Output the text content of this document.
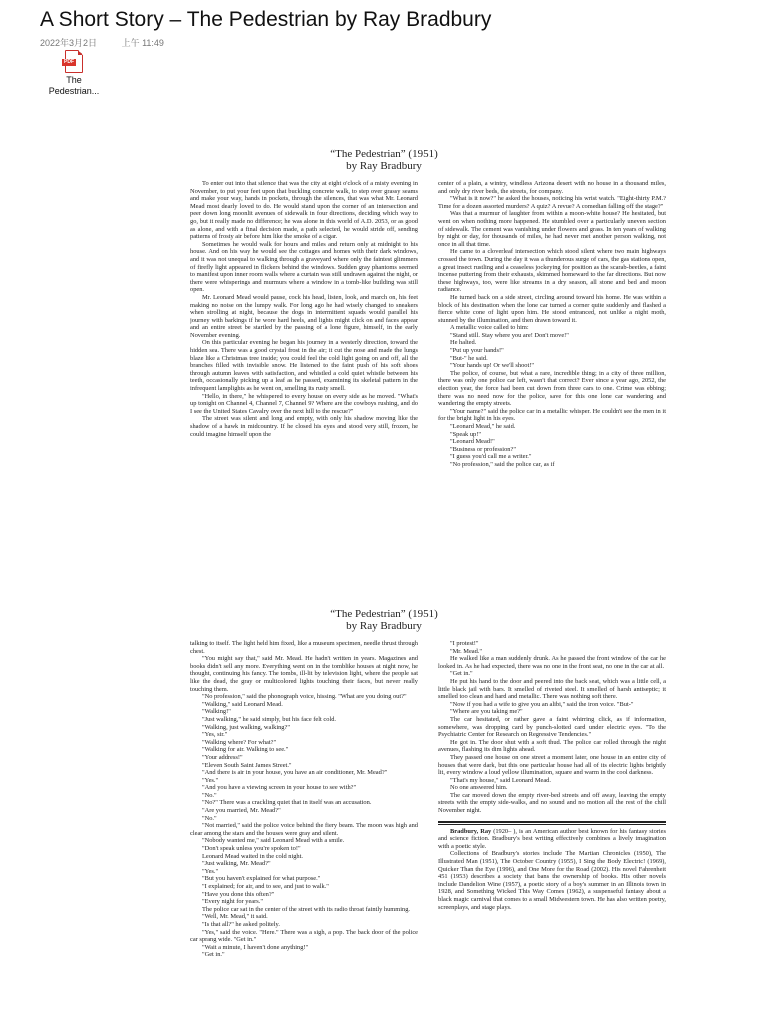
A Short Story – The Pedestrian by Ray Bradbury
2022年3月2日	上午 11:49
PDF
The Pedestrian...
“The Pedestrian” (1951)
by Ray Bradbury

To enter out into that silence that was the city at eight o'clock of a misty evening in November, to put your feet upon that buckling concrete walk, to step over grassy seams and make your way, hands in pockets, through the silences, that was what Mr. Leonard Mead most dearly loved to do. He would stand upon the corner of an intersection and peer down long moonlit avenues of sidewalk in four directions, deciding which way to go, but it really made no difference; he was alone in this world of A.D. 2053, or as good as alone, and with a final decision made, a path selected, he would stride off, sending patterns of frosty air before him like the smoke of a cigar.

Sometimes he would walk for hours and miles and return only at midnight to his house. And on his way he would see the cottages and homes with their dark windows, and it was not unequal to walking through a graveyard where only the faintest glimmers of firefly light appeared in flickers behind the windows. Sudden gray phantoms seemed to manifest upon inner room walls where a curtain was still undrawn against the night, or there were whisperings and murmurs where a window in a tomb-like building was still open.

Mr. Leonard Mead would pause, cock his head, listen, look, and march on, his feet making no noise on the lumpy walk. For long ago he had wisely changed to sneakers when strolling at night, because the dogs in intermittent squads would parallel his journey with barkings if he wore hard heels, and lights might click on and faces appear and an entire street be startled by the passing of a lone figure, himself, in the early November evening.

On this particular evening he began his journey in a westerly direction, toward the hidden sea. There was a good crystal frost in the air; it cut the nose and made the lungs blaze like a Christmas tree inside; you could feel the cold light going on and off, all the branches filled with invisible snow. He listened to the faint push of his soft shoes through autumn leaves with satisfaction, and whistled a cold quiet whistle between his teeth, occasionally picking up a leaf as he passed, examining its skeletal pattern in the infrequent lamplights as he went on, smelling its rusty smell.

"Hello, in there," he whispered to every house on every side as he moved. "What's up tonight on Channel 4, Channel 7, Channel 9? Where are the cowboys rushing, and do I see the United States Cavalry over the next hill to the rescue?"

The street was silent and long and empty, with only his shadow moving like the shadow of a hawk in midcountry. If he closed his eyes and stood very still, frozen, he could imagine himself upon the

center of a plain, a wintry, windless Arizona desert with no house in a thousand miles, and only dry river beds, the streets, for company.

"What is it now?" he asked the houses, noticing his wrist watch. "Eight-thirty P.M.? Time for a dozen assorted murders? A quiz? A revue? A comedian falling off the stage?"

Was that a murmur of laughter from within a moon-white house? He hesitated, but went on when nothing more happened. He stumbled over a particularly uneven section of sidewalk. The cement was vanishing under flowers and grass. In ten years of walking by night or day, for thousands of miles, he had never met another person walking, not once in all that time.

He came to a cloverleaf intersection which stood silent where two main highways crossed the town. During the day it was a thunderous surge of cars, the gas stations open, a great insect rustling and a ceaseless jockeying for position as the scarab-beetles, a faint incense puttering from their exhausts, skimmed homeward to the far directions. But now these highways, too, were like streams in a dry season, all stone and bed and moon radiance.

He turned back on a side street, circling around toward his home. He was within a block of his destination when the lone car turned a corner quite suddenly and flashed a fierce white cone of light upon him. He stood entranced, not unlike a night moth, stunned by the illumination, and then drawn toward it.

A metallic voice called to him:

"Stand still. Stay where you are! Don't move!"

He halted.

"Put up your hands!"

"But-" he said.

"Your hands up! Or we'll shoot!"

The police, of course, but what a rare, incredible thing; in a city of three million, there was only one police car left, wasn't that correct? Ever since a year ago, 2052, the election year, the force had been cut down from three cars to one. Crime was ebbing; there was no need now for the police, save for this one lone car wandering and wandering the empty streets.

"Your name?" said the police car in a metallic whisper. He couldn't see the men in it for the bright light in his eyes.

"Leonard Mead," he said.

"Speak up!"

"Leonard Mead!"

"Business or profession?"

"I guess you'd call me a writer."

"No profession," said the police car, as if

“The Pedestrian” (1951)
by Ray Bradbury

talking to itself. The light held him fixed, like a museum specimen, needle thrust through chest.

"You might say that," said Mr. Mead. He hadn't written in years. Magazines and books didn't sell any more. Everything went on in the tomblike houses at night now, he thought, continuing his fancy. The tombs, ill-lit by television light, where the people sat like the dead, the gray or multicolored lights touching their faces, but never really touching them.

"No profession," said the phonograph voice, hissing. "What are you doing out?"

"Walking," said Leonard Mead.

"Walking!"

"Just walking," he said simply, but his face felt cold.

"Walking, just walking, walking?"

"Yes, sir."

"Walking where? For what?"

"Walking for air. Walking to see."

"Your address!"

"Eleven South Saint James Street."

"And there is air in your house, you have an air conditioner, Mr. Mead?"

"Yes."

"And you have a viewing screen in your house to see with?"

"No."

"No?" There was a crackling quiet that in itself was an accusation.

"Are you married, Mr. Mead?"

"No."

"Not married," said the police voice behind the fiery beam. The moon was high and clear among the stars and the houses were gray and silent.

"Nobody wanted me," said Leonard Mead with a smile.

"Don't speak unless you're spoken to!"

Leonard Mead waited in the cold night.

"Just walking, Mr. Mead?"

"Yes."

"But you haven't explained for what purpose."

"I explained; for air, and to see, and just to walk."

"Have you done this often?"

"Every night for years."

The police car sat in the center of the street with its radio throat faintly humming.

"Well, Mr. Mead," it said.

"Is that all?" he asked politely.

"Yes," said the voice. "Here." There was a sigh, a pop. The back door of the police car sprang wide. "Get in."

"Wait a minute, I haven't done anything!"

"Get in."

"I protest!"

"Mr. Mead."

He walked like a man suddenly drunk. As he passed the front window of the car he looked in. As he had expected, there was no one in the front seat, no one in the car at all.

"Get in."

He put his hand to the door and peered into the back seat, which was a little cell, a little black jail with bars. It smelled of riveted steel. It smelled of harsh antiseptic; it smelled too clean and hard and metallic. There was nothing soft there.

"Now if you had a wife to give you an alibi," said the iron voice. "But-"

"Where are you taking me?"

The car hesitated, or rather gave a faint whirring click, as if information, somewhere, was dropping card by punch-slotted card under electric eyes. "To the Psychiatric Center for Research on Regressive Tendencies."

He got in. The door shut with a soft thud. The police car rolled through the night avenues, flashing its dim lights ahead.

They passed one house on one street a moment later, one house in an entire city of houses that were dark, but this one particular house had all of its electric lights brightly lit, every window a loud yellow illumination, square and warm in the cool darkness.

"That's my house," said Leonard Mead.

No one answered him.

The car moved down the empty river-bed streets and off away, leaving the empty streets with the empty side-walks, and no sound and no motion all the rest of the chill November night.

Bradbury, Ray (1920– ), is an American author best known for his fantasy stories and science fiction. Bradbury's best writing effectively combines a lively imagination with a poetic style.

Collections of Bradbury's stories include The Martian Chronicles (1950), The Illustrated Man (1951), The October Country (1955), I Sing the Body Electric! (1969), Quicker Than the Eye (1996), and One More for the Road (2002). His novel Fahrenheit 451 (1953) describes a society that bans the ownership of books. His other novels include Dandelion Wine (1957), a poetic story of a boy's summer in an Illinois town in 1928, and Something Wicked This Way Comes (1962), a suspenseful fantasy about a black magic carnival that comes to a small Midwestern town. He has also written poetry, screenplays, and stage plays.
